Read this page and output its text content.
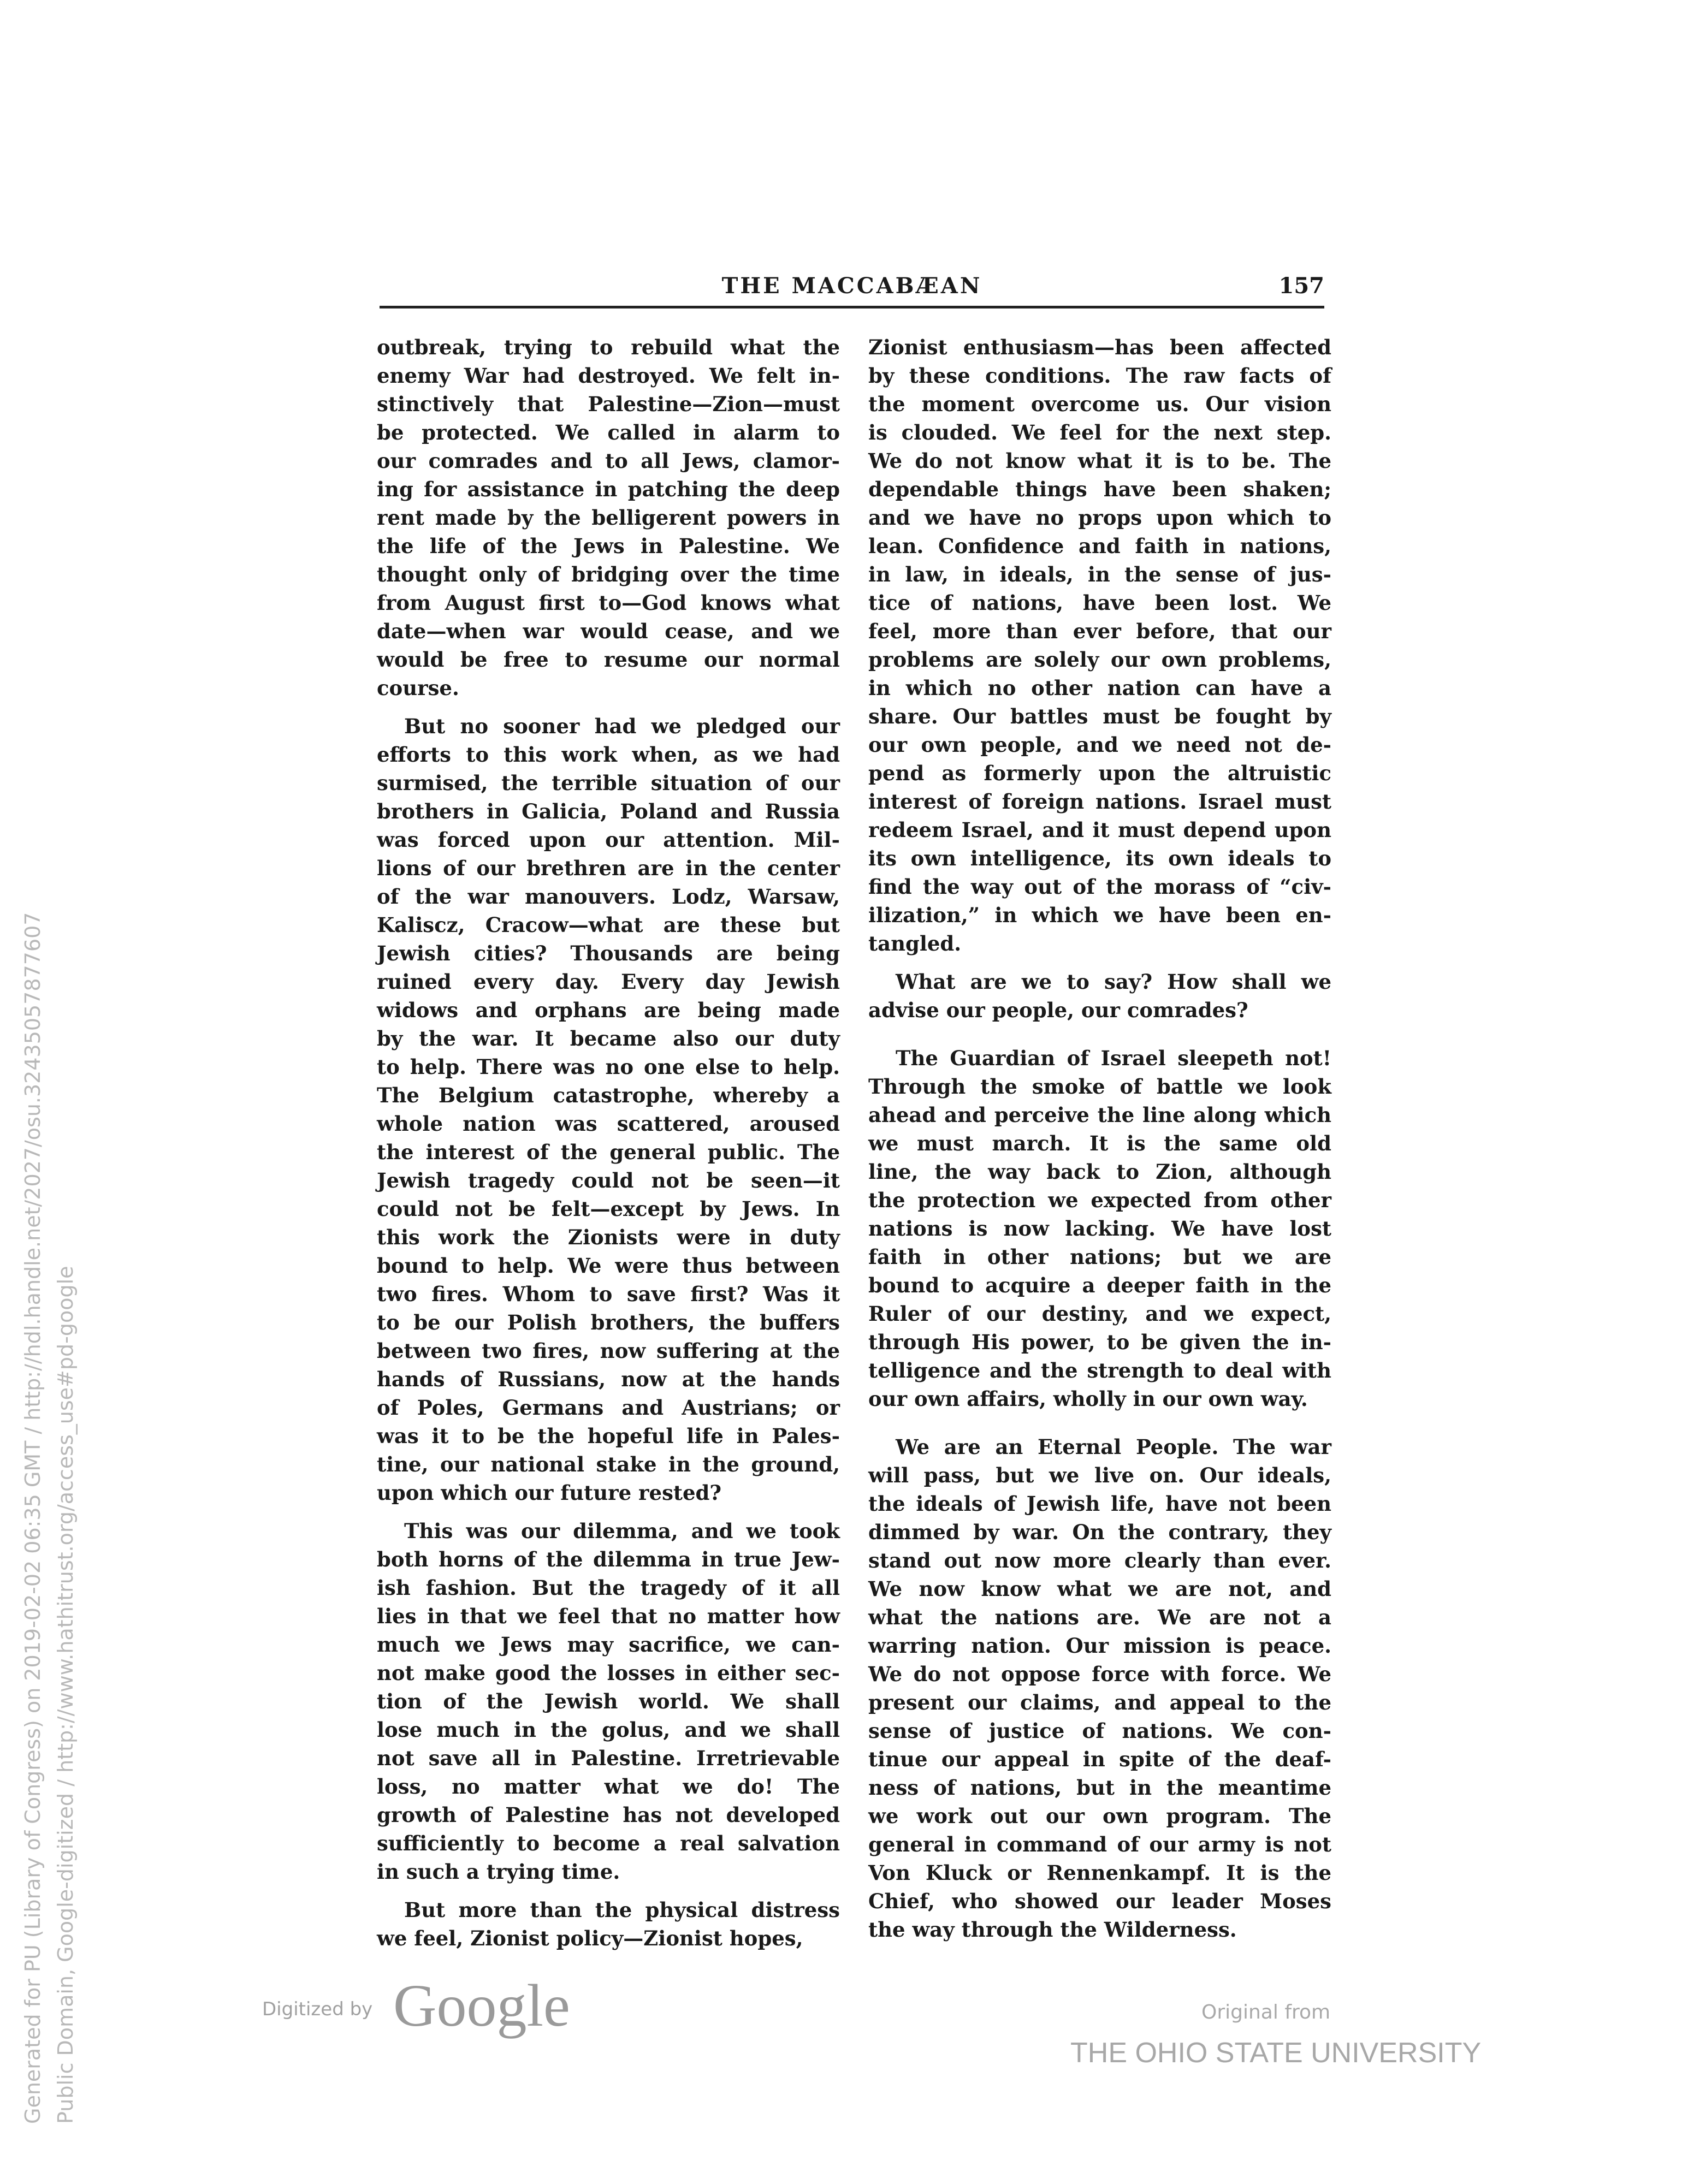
THE MACCABÆAN	157
outbreak, trying to rebuild what the
enemy War had destroyed. We felt in-
stinctively that Palestine—Zion—must
be protected. We called in alarm to
our comrades and to all Jews, clamor-
ing for assistance in patching the deep
rent made by the belligerent powers in
the life of the Jews in Palestine. We
thought only of bridging over the time
from August first to—God knows what
date—when war would cease, and we
would be free to resume our normal
course.
But no sooner had we pledged our
efforts to this work when, as we had
surmised, the terrible situation of our
brothers in Galicia, Poland and Russia
was forced upon our attention. Mil-
lions of our brethren are in the center
of the war manouvers. Lodz, Warsaw,
Kaliscz, Cracow—what are these but
Jewish cities? Thousands are being
ruined every day. Every day Jewish
widows and orphans are being made
by the war. It became also our duty
to help. There was no one else to help.
The Belgium catastrophe, whereby a
whole nation was scattered, aroused
the interest of the general public. The
Jewish tragedy could not be seen—it
could not be felt—except by Jews. In
this work the Zionists were in duty
bound to help. We were thus between
two fires. Whom to save first? Was it
to be our Polish brothers, the buffers
between two fires, now suffering at the
hands of Russians, now at the hands
of Poles, Germans and Austrians; or
was it to be the hopeful life in Pales-
tine, our national stake in the ground,
upon which our future rested?
This was our dilemma, and we took
both horns of the dilemma in true Jew-
ish fashion. But the tragedy of it all
lies in that we feel that no matter how
much we Jews may sacrifice, we can-
not make good the losses in either sec-
tion of the Jewish world. We shall
lose much in the golus, and we shall
not save all in Palestine. Irretrievable
loss, no matter what we do! The
growth of Palestine has not developed
sufficiently to become a real salvation
in such a trying time.
But more than the physical distress
we feel, Zionist policy—Zionist hopes,
Zionist enthusiasm—has been affected
by these conditions. The raw facts of
the moment overcome us. Our vision
is clouded. We feel for the next step.
We do not know what it is to be. The
dependable things have been shaken;
and we have no props upon which to
lean. Confidence and faith in nations,
in law, in ideals, in the sense of jus-
tice of nations, have been lost. We
feel, more than ever before, that our
problems are solely our own problems,
in which no other nation can have a
share. Our battles must be fought by
our own people, and we need not de-
pend as formerly upon the altruistic
interest of foreign nations. Israel must
redeem Israel, and it must depend upon
its own intelligence, its own ideals to
find the way out of the morass of “civ-
ilization,” in which we have been en-
tangled.
What are we to say? How shall we
advise our people, our comrades?
The Guardian of Israel sleepeth not!
Through the smoke of battle we look
ahead and perceive the line along which
we must march. It is the same old
line, the way back to Zion, although
the protection we expected from other
nations is now lacking. We have lost
faith in other nations; but we are
bound to acquire a deeper faith in the
Ruler of our destiny, and we expect,
through His power, to be given the in-
telligence and the strength to deal with
our own affairs, wholly in our own way.
We are an Eternal People. The war
will pass, but we live on. Our ideals,
the ideals of Jewish life, have not been
dimmed by war. On the contrary, they
stand out now more clearly than ever.
We now know what we are not, and
what the nations are. We are not a
warring nation. Our mission is peace.
We do not oppose force with force. We
present our claims, and appeal to the
sense of justice of nations. We con-
tinue our appeal in spite of the deaf-
ness of nations, but in the meantime
we work out our own program. The
general in command of our army is not
Von Kluck or Rennenkampf. It is the
Chief, who showed our leader Moses
the way through the Wilderness.
Generated for PU (Library of Congress) on 2019-02-02 06:35 GMT / http://hdl.handle.net/2027/osu.32435057877607 Public Domain, Google-digitized / http://www.hathitrust.org/access_use#pd-google	Digitized by Google	Original from
THE OHIO STATE UNIVERSITY
